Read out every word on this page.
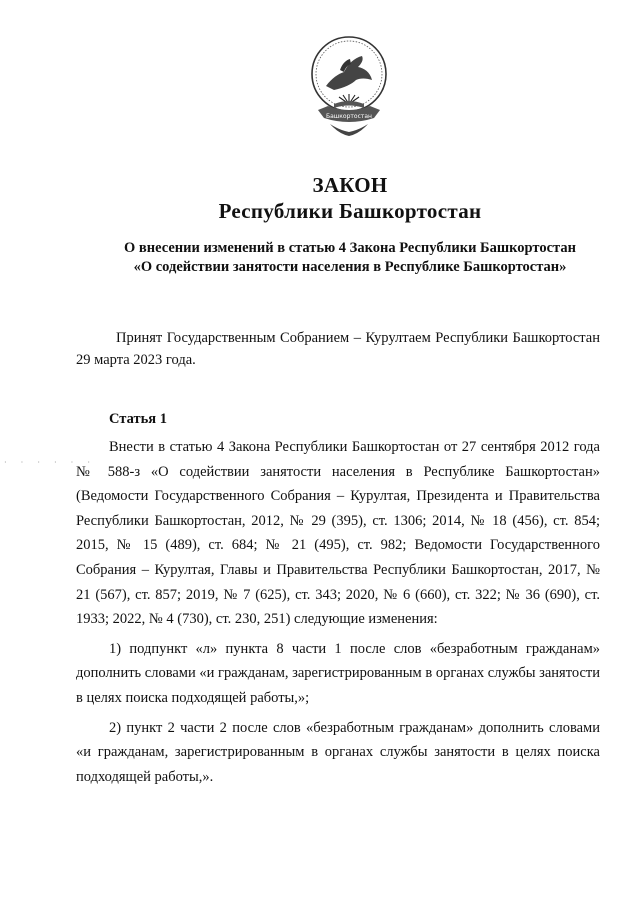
Башкортостан
ЗАКОН
Республики Башкортостан
О внесении изменений в статью 4 Закона Республики Башкортостан
«О содействии занятости населения в Республике Башкортостан»
Принят Государственным Собранием – Курултаем Республики Башкортостан 29 марта 2023 года.
Статья 1

Внести в статью 4 Закона Республики Башкортостан от 27 сентября 2012 года № 588-з «О содействии занятости населения в Республике Башкортостан» (Ведомости Государственного Собрания – Курултая, Президента и Правительства Республики Башкортостан, 2012, № 29 (395), ст. 1306; 2014, № 18 (456), ст. 854; 2015, № 15 (489), ст. 684; № 21 (495), ст. 982; Ведомости Государственного Собрания – Курултая, Главы и Правительства Республики Башкортостан, 2017, № 21 (567), ст. 857; 2019, № 7 (625), ст. 343; 2020, № 6 (660), ст. 322; № 36 (690), ст. 1933; 2022, № 4 (730), ст. 230, 251) следующие изменения:

1) подпункт «л» пункта 8 части 1 после слов «безработным гражданам» дополнить словами «и гражданам, зарегистрированным в органах службы занятости в целях поиска подходящей работы,»;

2) пункт 2 части 2 после слов «безработным гражданам» дополнить словами «и гражданам, зарегистрированным в органах службы занятости в целях поиска подходящей работы,».

· · · · · ·
